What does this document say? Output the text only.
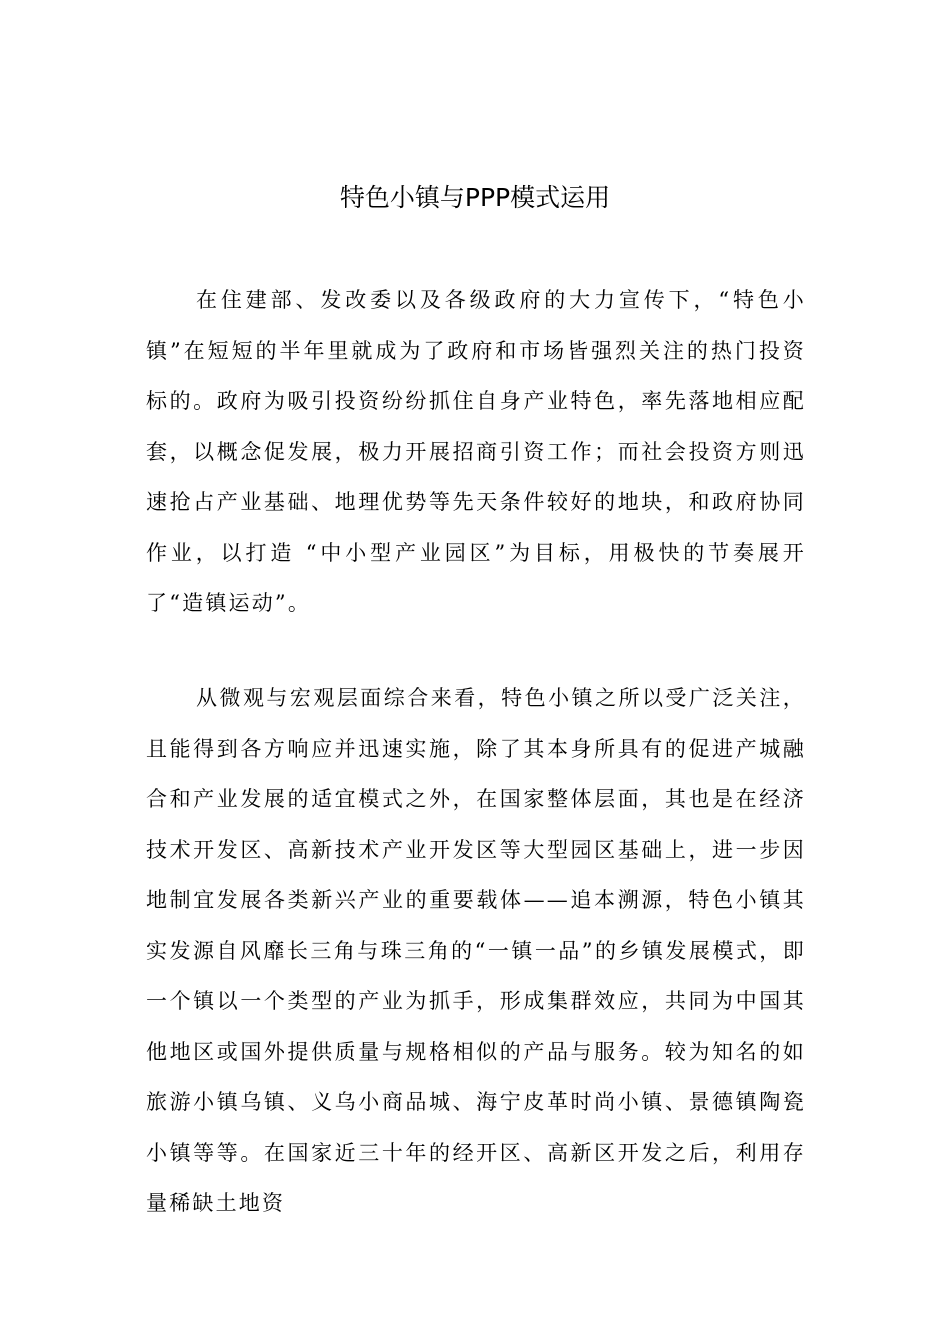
特色小镇与PPP模式运用

在住建部、发改委以及各级政府的大力宣传下，“特色小镇”在短短的半年里就成为了政府和市场皆强烈关注的热门投资标的。政府为吸引投资纷纷抓住自身产业特色，率先落地相应配套，以概念促发展，极力开展招商引资工作；而社会投资方则迅速抢占产业基础、地理优势等先天条件较好的地块，和政府协同作业，以打造 “中小型产业园区”为目标，用极快的节奏展开了“造镇运动”。

从微观与宏观层面综合来看，特色小镇之所以受广泛关注，且能得到各方响应并迅速实施，除了其本身所具有的促进产城融合和产业发展的适宜模式之外，在国家整体层面，其也是在经济技术开发区、高新技术产业开发区等大型园区基础上，进一步因地制宜发展各类新兴产业的重要载体——追本溯源，特色小镇其实发源自风靡长三角与珠三角的“一镇一品”的乡镇发展模式，即一个镇以一个类型的产业为抓手，形成集群效应，共同为中国其他地区或国外提供质量与规格相似的产品与服务。较为知名的如旅游小镇乌镇、义乌小商品城、海宁皮革时尚小镇、景德镇陶瓷小镇等等。在国家近三十年的经开区、高新区开发之后，利用存量稀缺土地资
